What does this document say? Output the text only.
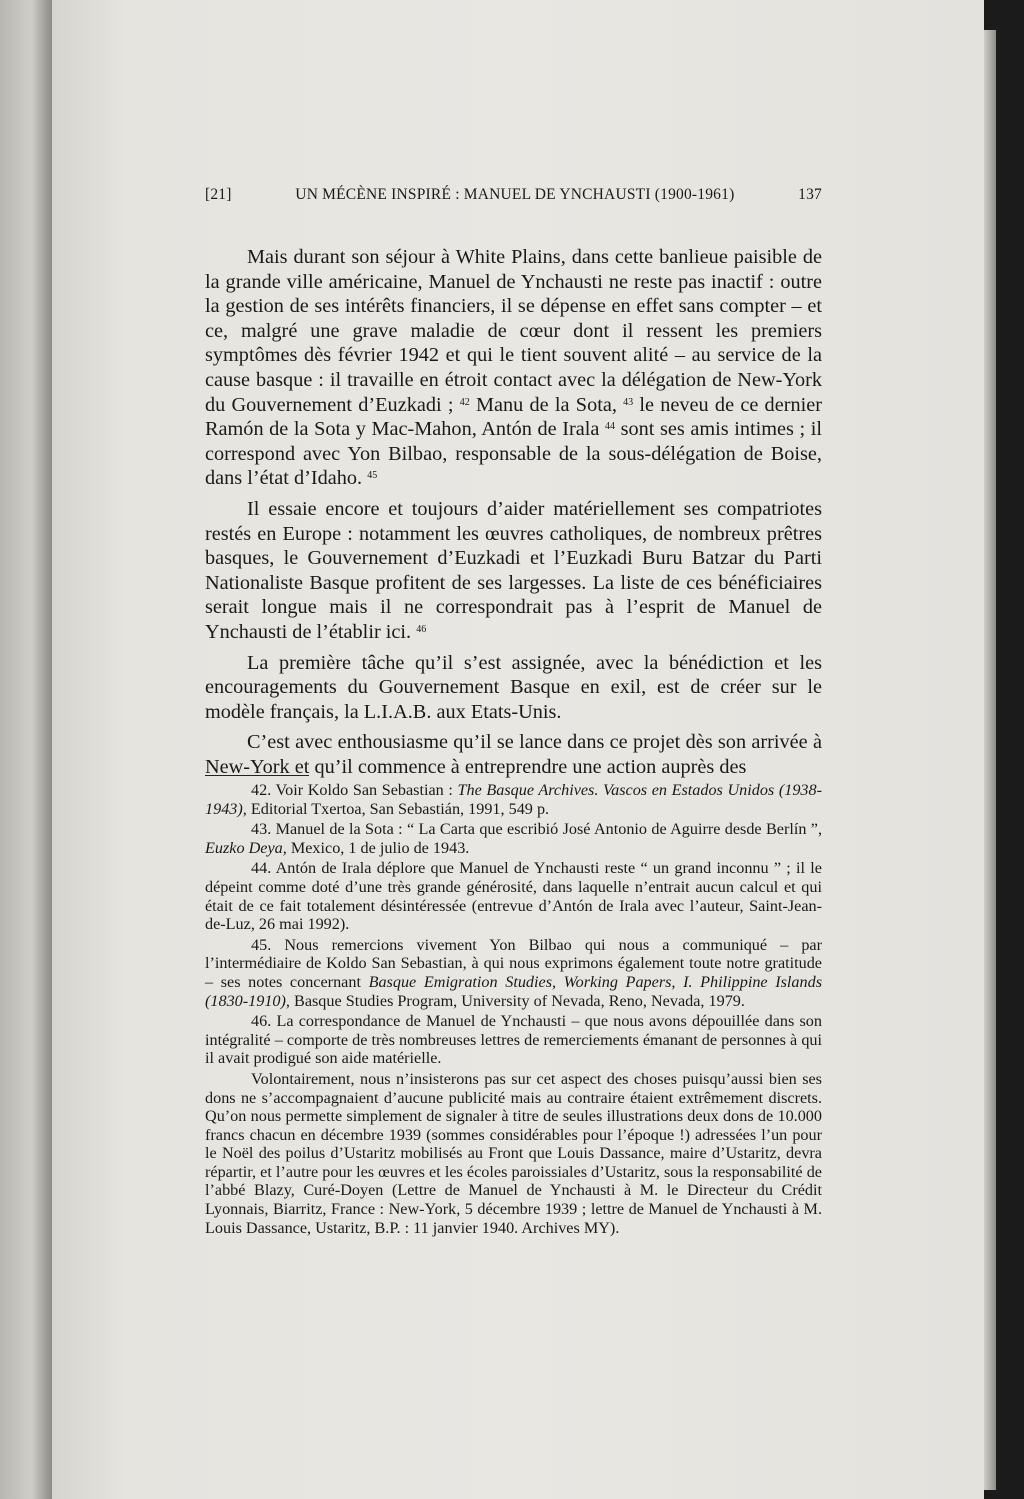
[21]	UN MÉCÈNE INSPIRÉ : MANUEL DE YNCHAUSTI (1900-1961)	137

Mais durant son séjour à White Plains, dans cette banlieue paisible de la grande ville américaine, Manuel de Ynchausti ne reste pas inactif : outre la gestion de ses intérêts financiers, il se dépense en effet sans compter – et ce, malgré une grave maladie de cœur dont il ressent les premiers symptômes dès février 1942 et qui le tient souvent alité – au service de la cause basque : il travaille en étroit contact avec la délégation de New-York du Gouvernement d’Euzkadi ; $^{42}$ Manu de la Sota, $^{43}$ le neveu de ce dernier Ramón de la Sota y Mac-Mahon, Antón de Irala $^{44}$ sont ses amis intimes ; il correspond avec Yon Bilbao, responsable de la sous-délégation de Boise, dans l’état d’Idaho. $^{45}$

Il essaie encore et toujours d’aider matériellement ses compatriotes restés en Europe : notamment les œuvres catholiques, de nombreux prêtres basques, le Gouvernement d’Euzkadi et l’Euzkadi Buru Batzar du Parti Nationaliste Basque profitent de ses largesses. La liste de ces bénéficiaires serait longue mais il ne correspondrait pas à l’esprit de Manuel de Ynchausti de l’établir ici. $^{46}$

La première tâche qu’il s’est assignée, avec la bénédiction et les encouragements du Gouvernement Basque en exil, est de créer sur le modèle français, la L.I.A.B. aux Etats-Unis.

C’est avec enthousiasme qu’il se lance dans ce projet dès son arrivée à New-York et qu’il commence à entreprendre une action auprès des

42. Voir Koldo San Sebastian : The Basque Archives. Vascos en Estados Unidos (1938-1943), Editorial Txertoa, San Sebastián, 1991, 549 p.

43. Manuel de la Sota : “ La Carta que escribió José Antonio de Aguirre desde Berlín ”, Euzko Deya, Mexico, 1 de julio de 1943.

44. Antón de Irala déplore que Manuel de Ynchausti reste “ un grand inconnu ” ; il le dépeint comme doté d’une très grande générosité, dans laquelle n’entrait aucun calcul et qui était de ce fait totalement désintéressée (entrevue d’Antón de Irala avec l’auteur, Saint-Jean-de-Luz, 26 mai 1992).

45. Nous remercions vivement Yon Bilbao qui nous a communiqué – par l’intermédiaire de Koldo San Sebastian, à qui nous exprimons également toute notre gratitude – ses notes concernant Basque Emigration Studies, Working Papers, I. Philippine Islands (1830-1910), Basque Studies Program, University of Nevada, Reno, Nevada, 1979.

46. La correspondance de Manuel de Ynchausti – que nous avons dépouillée dans son intégralité – comporte de très nombreuses lettres de remerciements émanant de personnes à qui il avait prodigué son aide matérielle.

Volontairement, nous n’insisterons pas sur cet aspect des choses puisqu’aussi bien ses dons ne s’accompagnaient d’aucune publicité mais au contraire étaient extrêmement discrets. Qu’on nous permette simplement de signaler à titre de seules illustrations deux dons de 10.000 francs chacun en décembre 1939 (sommes considérables pour l’époque !) adressées l’un pour le Noël des poilus d’Ustaritz mobilisés au Front que Louis Dassance, maire d’Ustaritz, devra répartir, et l’autre pour les œuvres et les écoles paroissiales d’Ustaritz, sous la responsabilité de l’abbé Blazy, Curé-Doyen (Lettre de Manuel de Ynchausti à M. le Directeur du Crédit Lyonnais, Biarritz, France : New-York, 5 décembre 1939 ; lettre de Manuel de Ynchausti à M. Louis Dassance, Ustaritz, B.P. : 11 janvier 1940. Archives MY).
